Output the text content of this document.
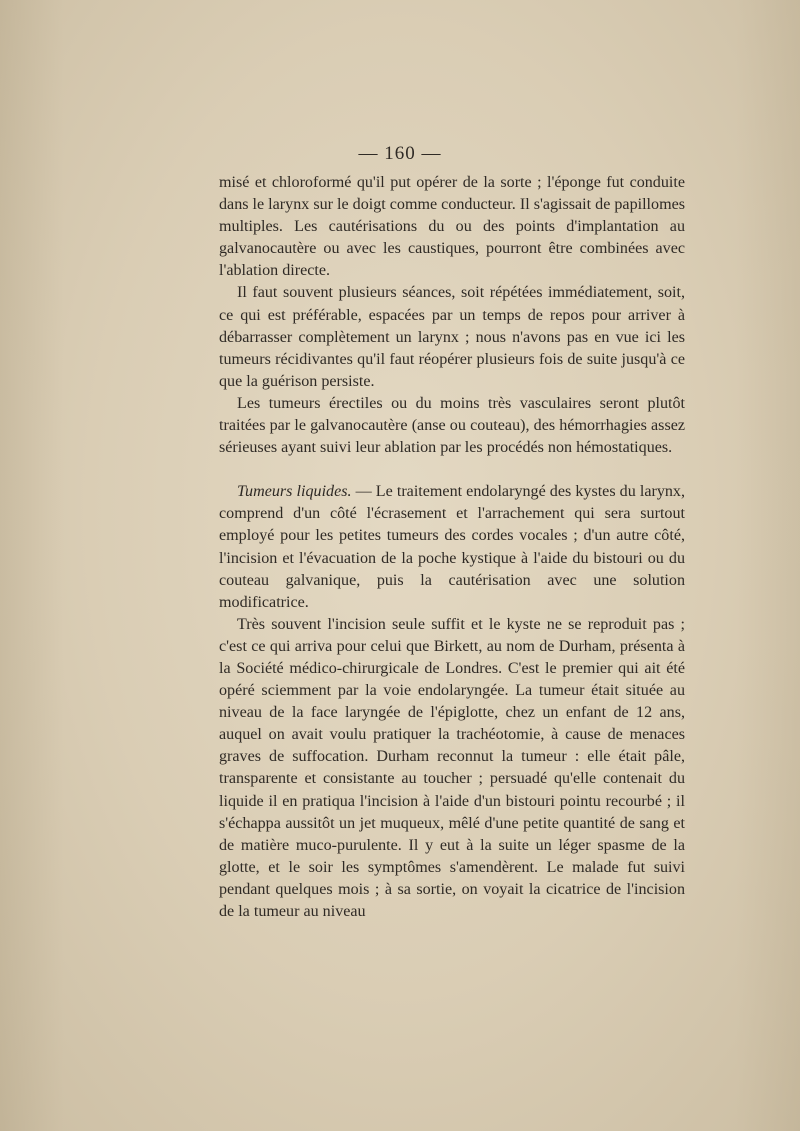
— 160 —

misé et chloroformé qu'il put opérer de la sorte ; l'éponge fut conduite dans le larynx sur le doigt comme conducteur. Il s'agissait de papillomes multiples. Les cautérisations du ou des points d'implantation au galvanocautère ou avec les caustiques, pourront être combinées avec l'ablation directe.

Il faut souvent plusieurs séances, soit répétées immédiatement, soit, ce qui est préférable, espacées par un temps de repos pour arriver à débarrasser complètement un larynx ; nous n'avons pas en vue ici les tumeurs récidivantes qu'il faut réopérer plusieurs fois de suite jusqu'à ce que la guérison persiste.

Les tumeurs érectiles ou du moins très vasculaires seront plutôt traitées par le galvanocautère (anse ou couteau), des hémorrhagies assez sérieuses ayant suivi leur ablation par les procédés non hémostatiques.

Tumeurs liquides. — Le traitement endolaryngé des kystes du larynx, comprend d'un côté l'écrasement et l'arrachement qui sera surtout employé pour les petites tumeurs des cordes vocales ; d'un autre côté, l'incision et l'évacuation de la poche kystique à l'aide du bistouri ou du couteau galvanique, puis la cautérisation avec une solution modificatrice.

Très souvent l'incision seule suffit et le kyste ne se reproduit pas ; c'est ce qui arriva pour celui que Birkett, au nom de Durham, présenta à la Société médico-chirurgicale de Londres. C'est le premier qui ait été opéré sciemment par la voie endolaryngée. La tumeur était située au niveau de la face laryngée de l'épiglotte, chez un enfant de 12 ans, auquel on avait voulu pratiquer la trachéotomie, à cause de menaces graves de suffocation. Durham reconnut la tumeur : elle était pâle, transparente et consistante au toucher ; persuadé qu'elle contenait du liquide il en pratiqua l'incision à l'aide d'un bistouri pointu recourbé ; il s'échappa aussitôt un jet muqueux, mêlé d'une petite quantité de sang et de matière muco-purulente. Il y eut à la suite un léger spasme de la glotte, et le soir les symptômes s'amendèrent. Le malade fut suivi pendant quelques mois ; à sa sortie, on voyait la cicatrice de l'incision de la tumeur au niveau
